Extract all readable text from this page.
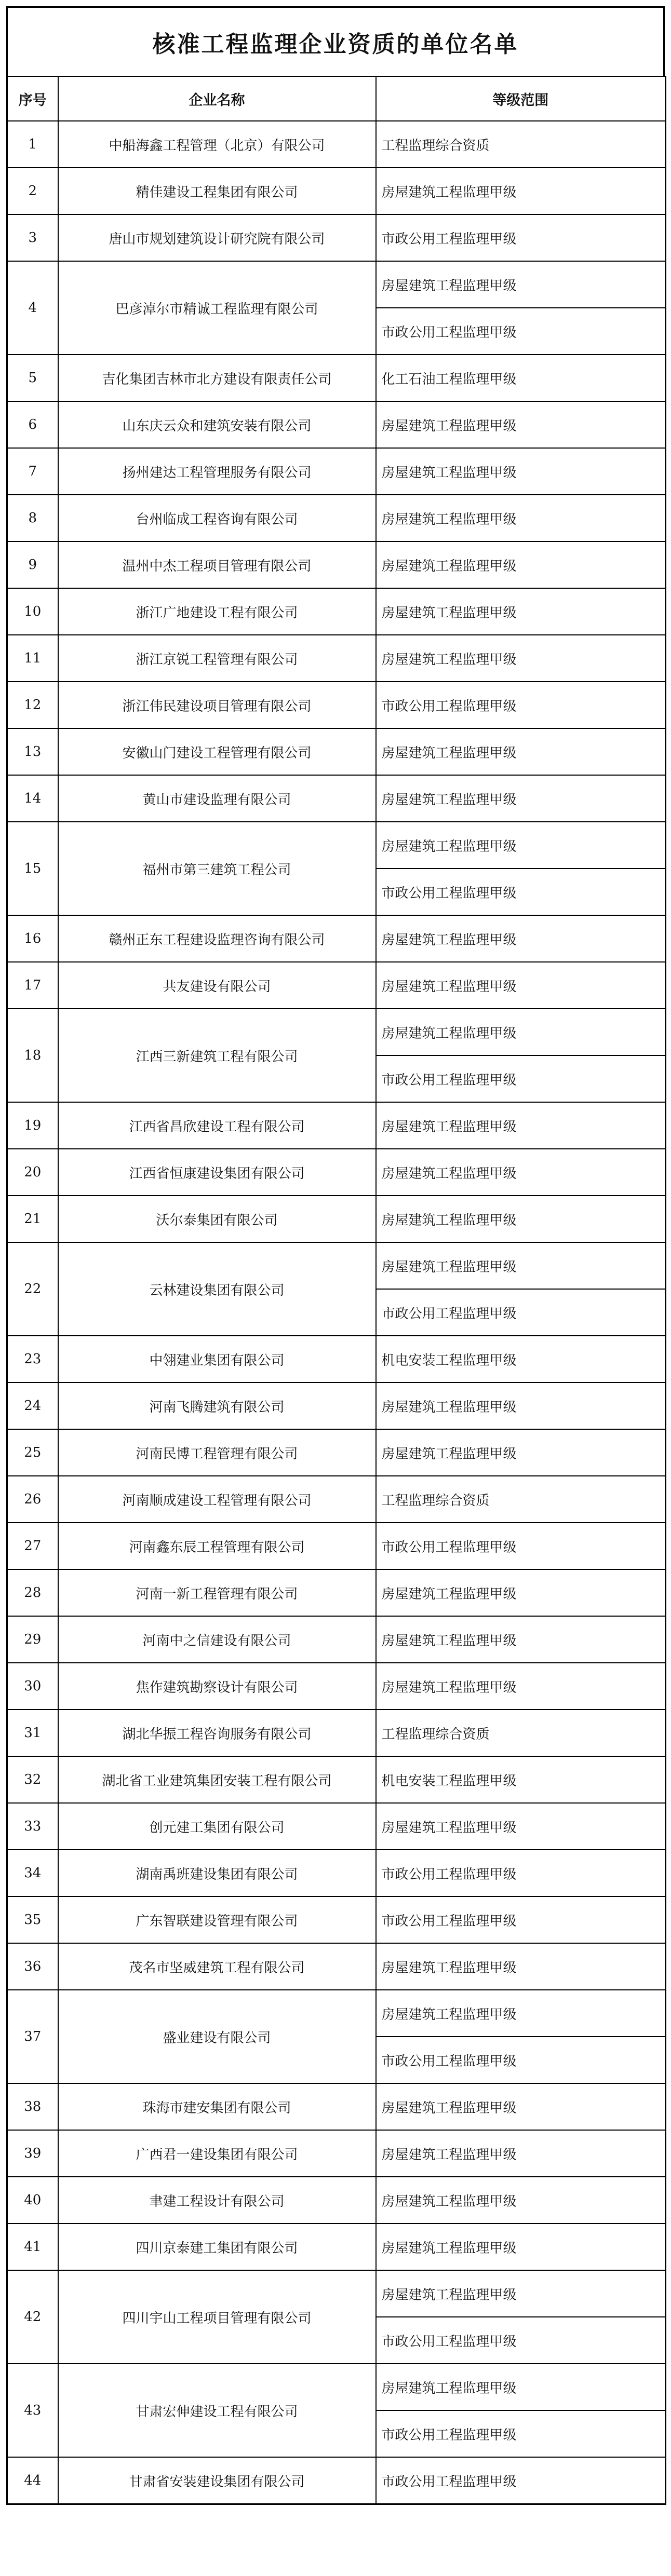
核准工程监理企业资质的单位名单
序号	企业名称	等级范围
1	中船海鑫工程管理（北京）有限公司	工程监理综合资质
2	精佳建设工程集团有限公司	房屋建筑工程监理甲级
3	唐山市规划建筑设计研究院有限公司	市政公用工程监理甲级
4	巴彦淖尔市精诚工程监理有限公司	房屋建筑工程监理甲级
		市政公用工程监理甲级
5	吉化集团吉林市北方建设有限责任公司	化工石油工程监理甲级
6	山东庆云众和建筑安装有限公司	房屋建筑工程监理甲级
7	扬州建达工程管理服务有限公司	房屋建筑工程监理甲级
8	台州临成工程咨询有限公司	房屋建筑工程监理甲级
9	温州中杰工程项目管理有限公司	房屋建筑工程监理甲级
10	浙江广地建设工程有限公司	房屋建筑工程监理甲级
11	浙江京锐工程管理有限公司	房屋建筑工程监理甲级
12	浙江伟民建设项目管理有限公司	市政公用工程监理甲级
13	安徽山门建设工程管理有限公司	房屋建筑工程监理甲级
14	黄山市建设监理有限公司	房屋建筑工程监理甲级
15	福州市第三建筑工程公司	房屋建筑工程监理甲级
		市政公用工程监理甲级
16	赣州正东工程建设监理咨询有限公司	房屋建筑工程监理甲级
17	共友建设有限公司	房屋建筑工程监理甲级
18	江西三新建筑工程有限公司	房屋建筑工程监理甲级
		市政公用工程监理甲级
19	江西省昌欣建设工程有限公司	房屋建筑工程监理甲级
20	江西省恒康建设集团有限公司	房屋建筑工程监理甲级
21	沃尔泰集团有限公司	房屋建筑工程监理甲级
22	云林建设集团有限公司	房屋建筑工程监理甲级
		市政公用工程监理甲级
23	中翎建业集团有限公司	机电安装工程监理甲级
24	河南飞腾建筑有限公司	房屋建筑工程监理甲级
25	河南民博工程管理有限公司	房屋建筑工程监理甲级
26	河南顺成建设工程管理有限公司	工程监理综合资质
27	河南鑫东辰工程管理有限公司	市政公用工程监理甲级
28	河南一新工程管理有限公司	房屋建筑工程监理甲级
29	河南中之信建设有限公司	房屋建筑工程监理甲级
30	焦作建筑勘察设计有限公司	房屋建筑工程监理甲级
31	湖北华振工程咨询服务有限公司	工程监理综合资质
32	湖北省工业建筑集团安装工程有限公司	机电安装工程监理甲级
33	创元建工集团有限公司	房屋建筑工程监理甲级
34	湖南禹班建设集团有限公司	市政公用工程监理甲级
35	广东智联建设管理有限公司	市政公用工程监理甲级
36	茂名市坚威建筑工程有限公司	房屋建筑工程监理甲级
37	盛业建设有限公司	房屋建筑工程监理甲级
		市政公用工程监理甲级
38	珠海市建安集团有限公司	房屋建筑工程监理甲级
39	广西君一建设集团有限公司	房屋建筑工程监理甲级
40	聿建工程设计有限公司	房屋建筑工程监理甲级
41	四川京泰建工集团有限公司	房屋建筑工程监理甲级
42	四川宇山工程项目管理有限公司	房屋建筑工程监理甲级
		市政公用工程监理甲级
43	甘肃宏伸建设工程有限公司	房屋建筑工程监理甲级
		市政公用工程监理甲级
44	甘肃省安装建设集团有限公司	市政公用工程监理甲级
